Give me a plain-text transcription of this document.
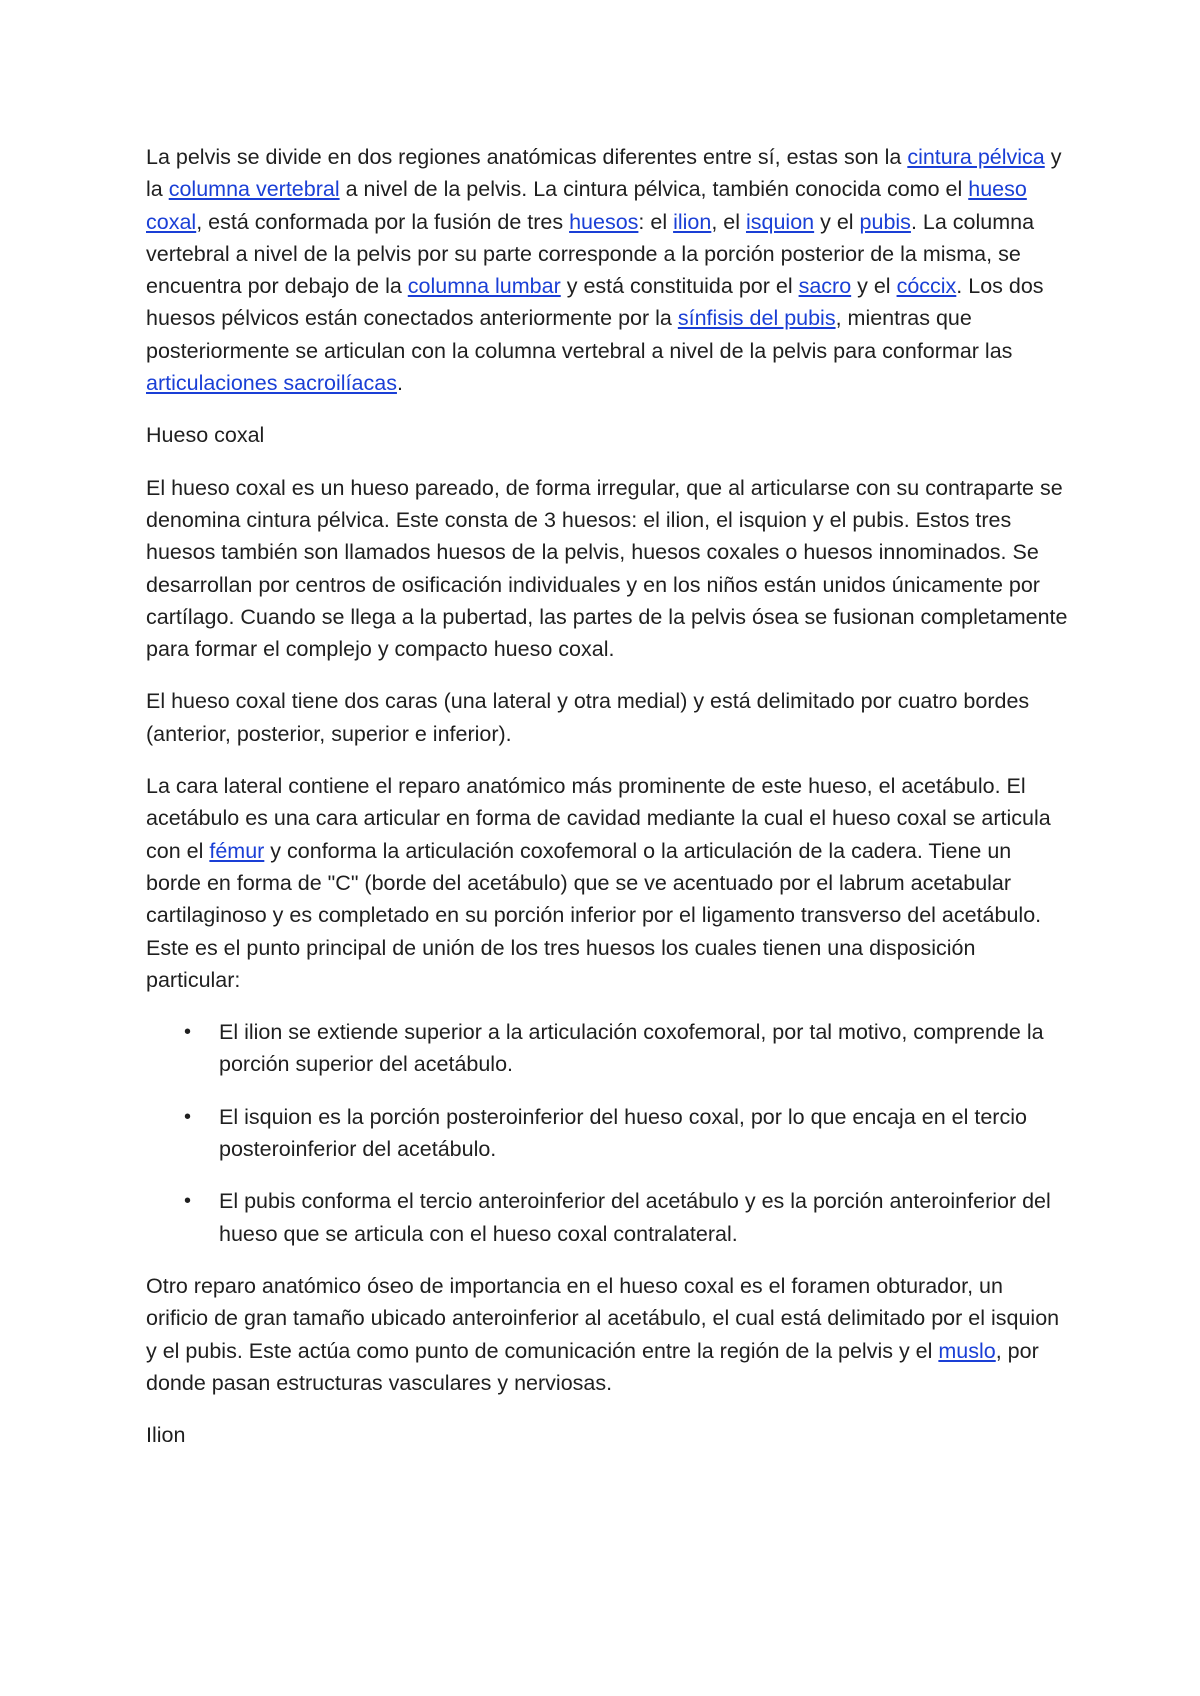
La pelvis se divide en dos regiones anatómicas diferentes entre sí, estas son la cintura pélvica y la columna vertebral a nivel de la pelvis. La cintura pélvica, también conocida como el hueso coxal, está conformada por la fusión de tres huesos: el ilion, el isquion y el pubis. La columna vertebral a nivel de la pelvis por su parte corresponde a la porción posterior de la misma, se encuentra por debajo de la columna lumbar y está constituida por el sacro y el cóccix. Los dos huesos pélvicos están conectados anteriormente por la sínfisis del pubis, mientras que posteriormente se articulan con la columna vertebral a nivel de la pelvis para conformar las articulaciones sacroilíacas.

Hueso coxal

El hueso coxal es un hueso pareado, de forma irregular, que al articularse con su contraparte se denomina cintura pélvica. Este consta de 3 huesos: el ilion, el isquion y el pubis. Estos tres huesos también son llamados huesos de la pelvis, huesos coxales o huesos innominados. Se desarrollan por centros de osificación individuales y en los niños están unidos únicamente por cartílago. Cuando se llega a la pubertad, las partes de la pelvis ósea se fusionan completamente para formar el complejo y compacto hueso coxal.

El hueso coxal tiene dos caras (una lateral y otra medial) y está delimitado por cuatro bordes (anterior, posterior, superior e inferior).

La cara lateral contiene el reparo anatómico más prominente de este hueso, el acetábulo. El acetábulo es una cara articular en forma de cavidad mediante la cual el hueso coxal se articula con el fémur y conforma la articulación coxofemoral o la articulación de la cadera. Tiene un borde en forma de "C" (borde del acetábulo) que se ve acentuado por el labrum acetabular cartilaginoso y es completado en su porción inferior por el ligamento transverso del acetábulo. Este es el punto principal de unión de los tres huesos los cuales tienen una disposición particular:

• El ilion se extiende superior a la articulación coxofemoral, por tal motivo, comprende la porción superior del acetábulo.
• El isquion es la porción posteroinferior del hueso coxal, por lo que encaja en el tercio posteroinferior del acetábulo.
• El pubis conforma el tercio anteroinferior del acetábulo y es la porción anteroinferior del hueso que se articula con el hueso coxal contralateral.

Otro reparo anatómico óseo de importancia en el hueso coxal es el foramen obturador, un orificio de gran tamaño ubicado anteroinferior al acetábulo, el cual está delimitado por el isquion y el pubis. Este actúa como punto de comunicación entre la región de la pelvis y el muslo, por donde pasan estructuras vasculares y nerviosas.

Ilion
